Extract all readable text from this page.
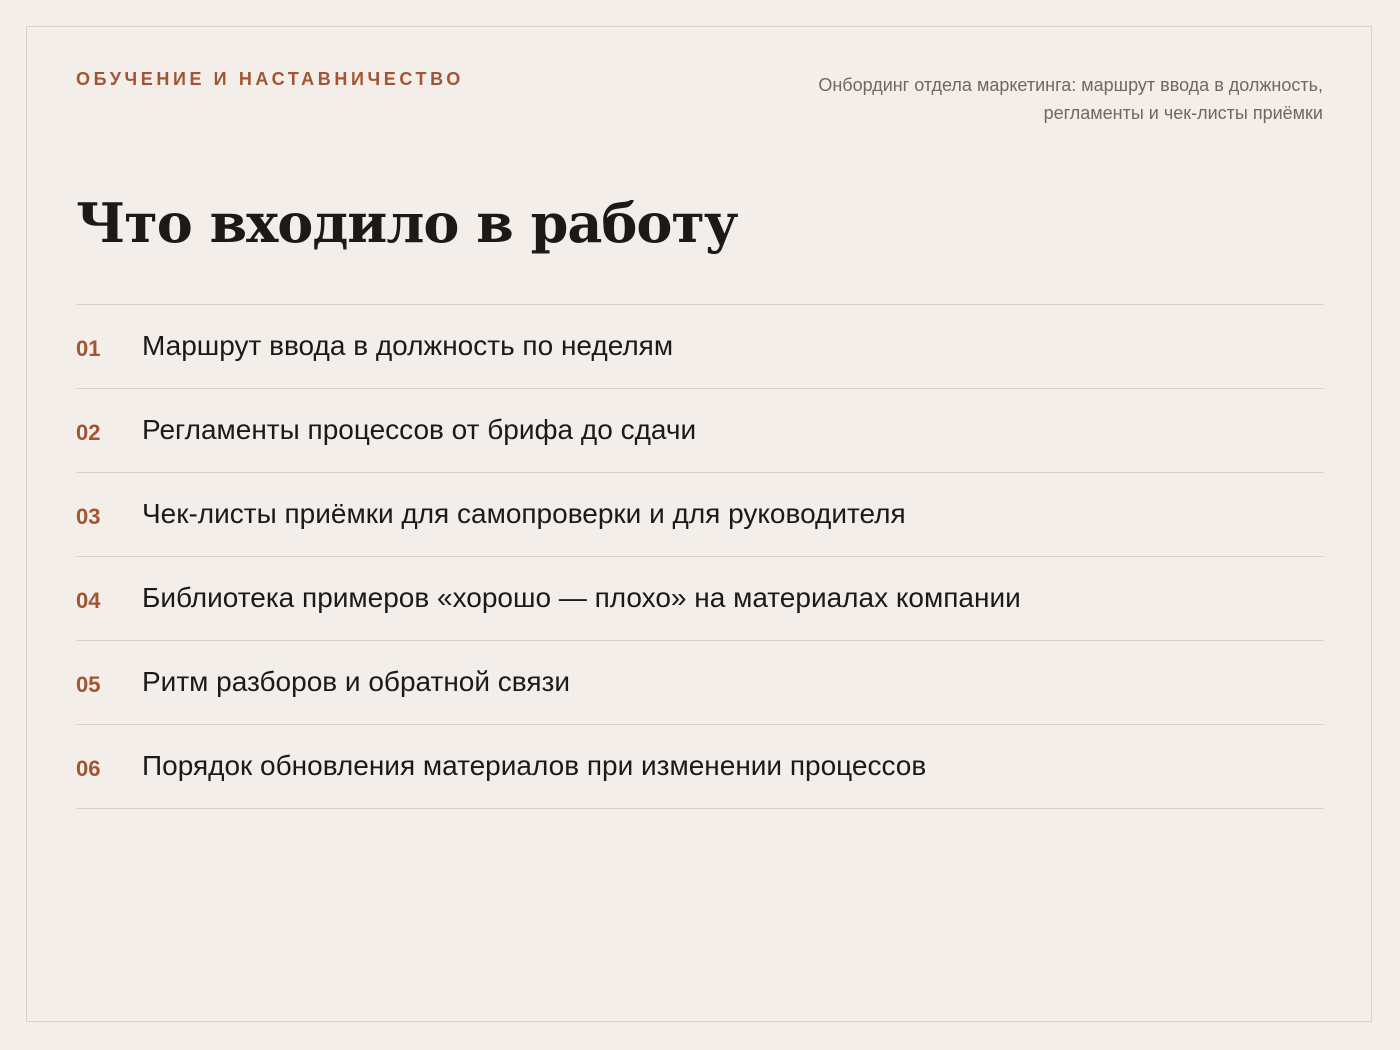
ОБУЧЕНИЕ И НАСТАВНИЧЕСТВО	Онбординг отдела маркетинга: маршрут ввода в должность, регламенты и чек-листы приёмки
Что входило в работу
01 Маршрут ввода в должность по неделям
02 Регламенты процессов от брифа до сдачи
03 Чек-листы приёмки для самопроверки и для руководителя
04 Библиотека примеров «хорошо — плохо» на материалах компании
05 Ритм разборов и обратной связи
06 Порядок обновления материалов при изменении процессов
